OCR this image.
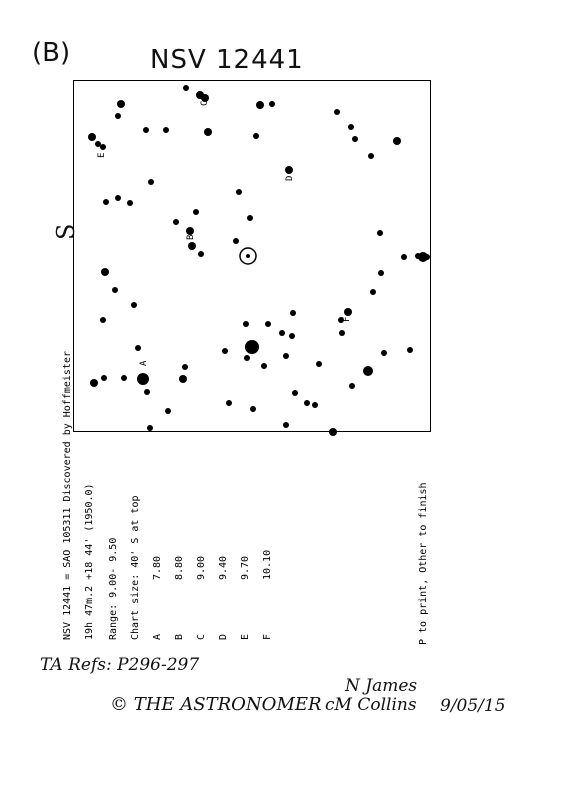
(B)	NSV 12441
S
A
B
C
D
E
F
NSV 12441 = SAO 105311 Discovered by Hoffmeister 19h 47m.2 +18 44' (1950.0) Range: 9.00- 9.50 Chart size: 40' S at top A7.80
B8.80
C9.00
D9.40
E9.70
F10.10	P to print, Other to finish
TA Refs: P296-297
© THE ASTRONOMER
N James
cM Collins 9/05/15
